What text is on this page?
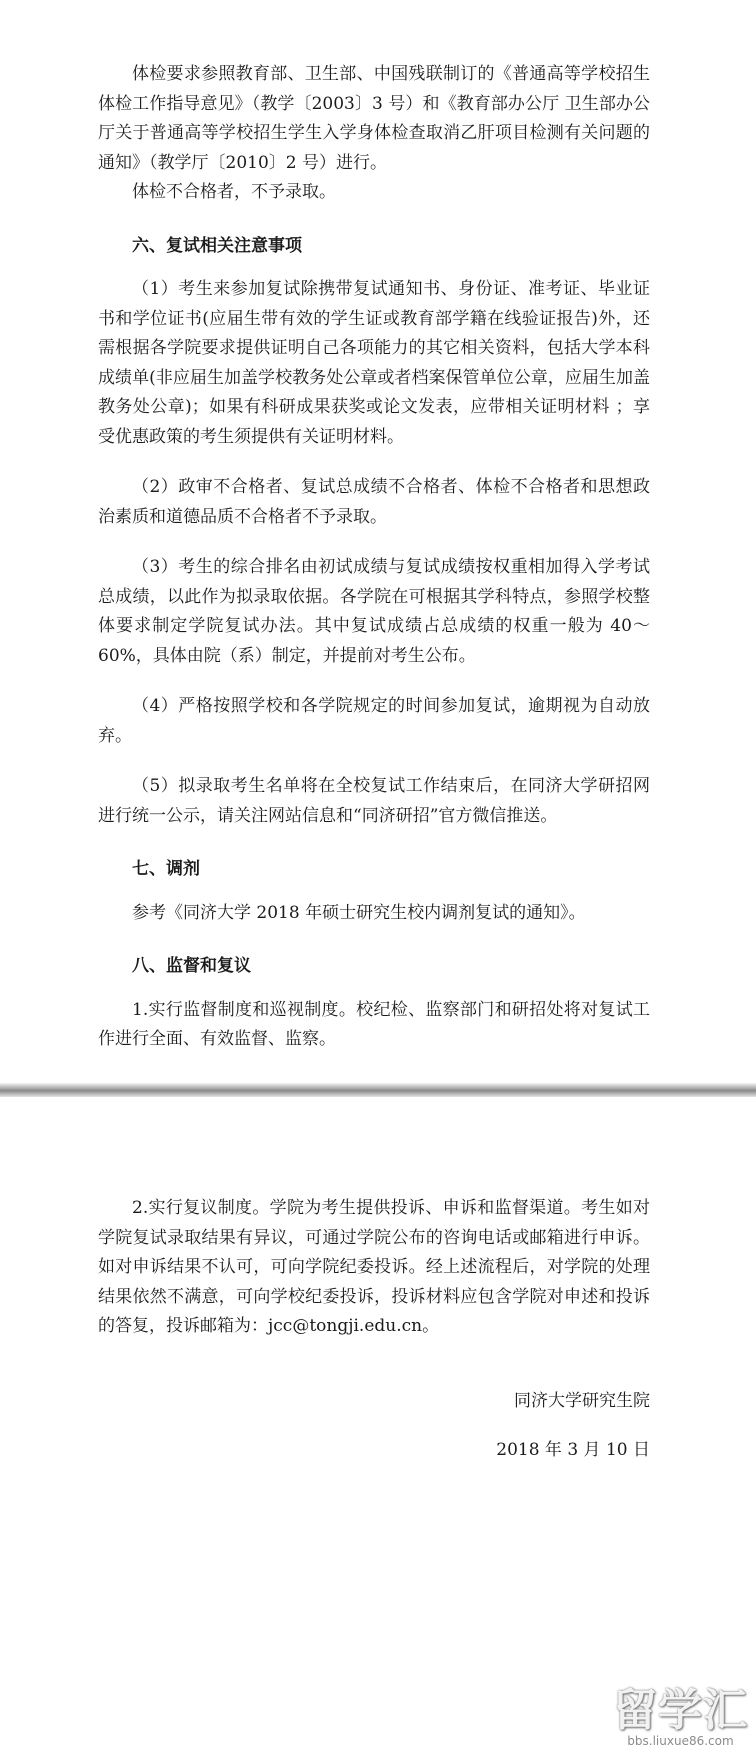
体检要求参照教育部、卫生部、中国残联制订的《普通高等学校招生体检工作指导意见》（教学〔2003〕3 号）和《教育部办公厅 卫生部办公厅关于普通高等学校招生学生入学身体检查取消乙肝项目检测有关问题的通知》（教学厅〔2010〕2 号）进行。

体检不合格者，不予录取。

六、复试相关注意事项

（1）考生来参加复试除携带复试通知书、身份证、准考证、毕业证书和学位证书(应届生带有效的学生证或教育部学籍在线验证报告)外，还需根据各学院要求提供证明自己各项能力的其它相关资料，包括大学本科成绩单(非应届生加盖学校教务处公章或者档案保管单位公章，应届生加盖教务处公章)；如果有科研成果获奖或论文发表，应带相关证明材料 ；享受优惠政策的考生须提供有关证明材料。

（2）政审不合格者、复试总成绩不合格者、体检不合格者和思想政治素质和道德品质不合格者不予录取。

（3）考生的综合排名由初试成绩与复试成绩按权重相加得入学考试总成绩，以此作为拟录取依据。各学院在可根据其学科特点，参照学校整体要求制定学院复试办法。其中复试成绩占总成绩的权重一般为 40～60%，具体由院（系）制定，并提前对考生公布。

（4）严格按照学校和各学院规定的时间参加复试，逾期视为自动放弃。

（5）拟录取考生名单将在全校复试工作结束后，在同济大学研招网进行统一公示，请关注网站信息和“同济研招”官方微信推送。

七、调剂

参考《同济大学 2018 年硕士研究生校内调剂复试的通知》。

八、监督和复议

1.实行监督制度和巡视制度。校纪检、监察部门和研招处将对复试工作进行全面、有效监督、监察。

2.实行复议制度。学院为考生提供投诉、申诉和监督渠道。考生如对学院复试录取结果有异议，可通过学院公布的咨询电话或邮箱进行申诉。如对申诉结果不认可，可向学院纪委投诉。经上述流程后，对学院的处理结果依然不满意，可向学校纪委投诉，投诉材料应包含学院对申述和投诉的答复，投诉邮箱为：jcc@tongji.edu.cn。

同济大学研究生院

2018 年 3 月 10 日

留学汇
bbs.liuxue86.com
